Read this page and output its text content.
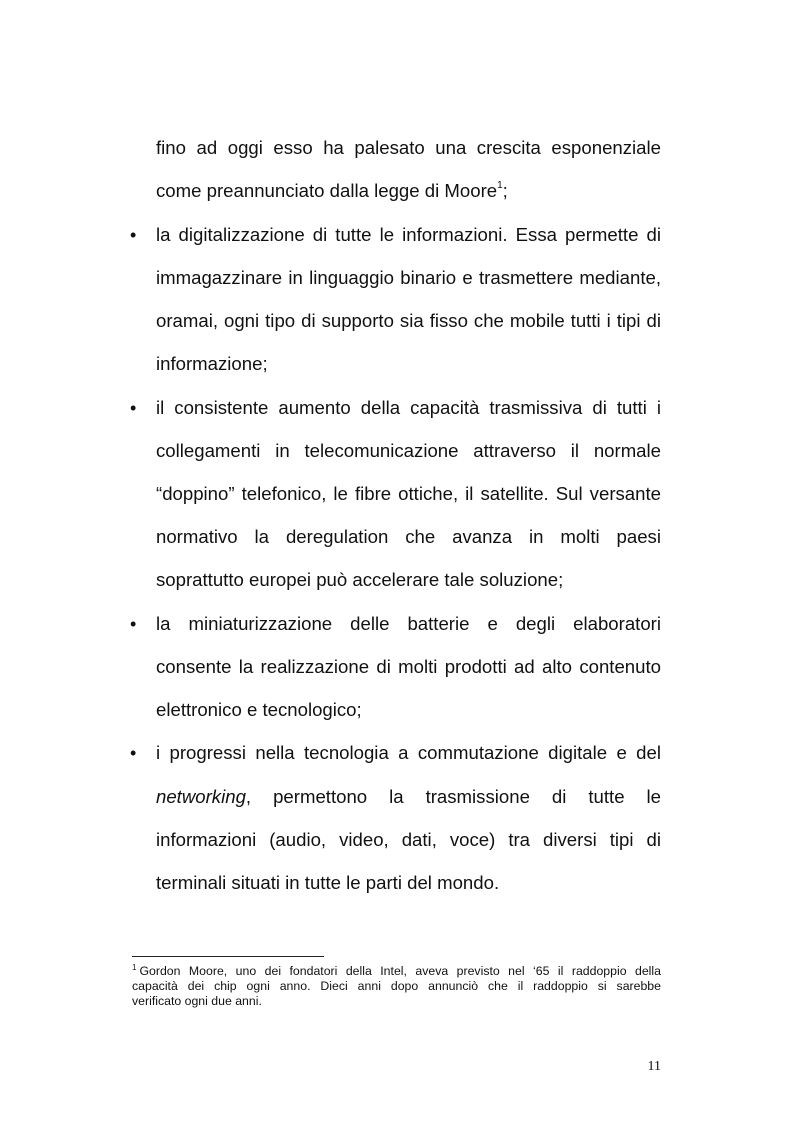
fino ad oggi esso ha palesato una crescita esponenziale
come preannunciato dalla legge di Moore$^1$;
•	la digitalizzazione di tutte le informazioni. Essa permette di
immagazzinare in linguaggio binario e trasmettere mediante,
oramai, ogni tipo di supporto sia fisso che mobile tutti i tipi di
informazione;
•	il consistente aumento della capacità trasmissiva di tutti i
collegamenti in telecomunicazione attraverso il normale
“doppino” telefonico, le fibre ottiche, il satellite. Sul versante
normativo la deregulation che avanza in molti paesi
soprattutto europei può accelerare tale soluzione;
•	la miniaturizzazione delle batterie e degli elaboratori
consente la realizzazione di molti prodotti ad alto contenuto
elettronico e tecnologico;
•	i progressi nella tecnologia a commutazione digitale e del
networking, permettono la trasmissione di tutte le
informazioni (audio, video, dati, voce) tra diversi tipi di
terminali situati in tutte le parti del mondo.
$^1$ Gordon Moore, uno dei fondatori della Intel, aveva previsto nel ‘65 il raddoppio della
capacità dei chip ogni anno. Dieci anni dopo annunciò che il raddoppio si sarebbe
verificato ogni due anni.
11
